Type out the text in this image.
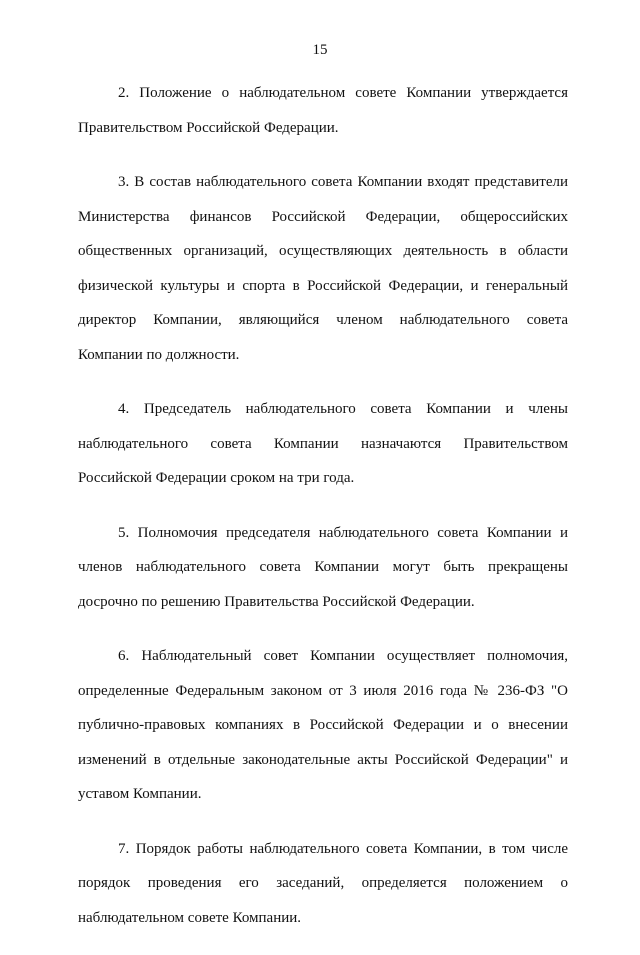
15
2. Положение о наблюдательном совете Компании утверждается
Правительством Российской Федерации.
3. В состав наблюдательного совета Компании входят представители
Министерства финансов Российской Федерации, общероссийских
общественных организаций, осуществляющих деятельность в области
физической культуры и спорта в Российской Федерации, и генеральный
директор Компании, являющийся членом наблюдательного совета
Компании по должности.
4. Председатель наблюдательного совета Компании и члены
наблюдательного совета Компании назначаются Правительством
Российской Федерации сроком на три года.
5. Полномочия председателя наблюдательного совета Компании и
членов наблюдательного совета Компании могут быть прекращены
досрочно по решению Правительства Российской Федерации.
6. Наблюдательный совет Компании осуществляет полномочия,
определенные Федеральным законом от 3 июля 2016 года № 236-ФЗ "О
публично-правовых компаниях в Российской Федерации и о внесении
изменений в отдельные законодательные акты Российской Федерации" и
уставом Компании.
7. Порядок работы наблюдательного совета Компании, в том числе
порядок проведения его заседаний, определяется положением о
наблюдательном совете Компании.
